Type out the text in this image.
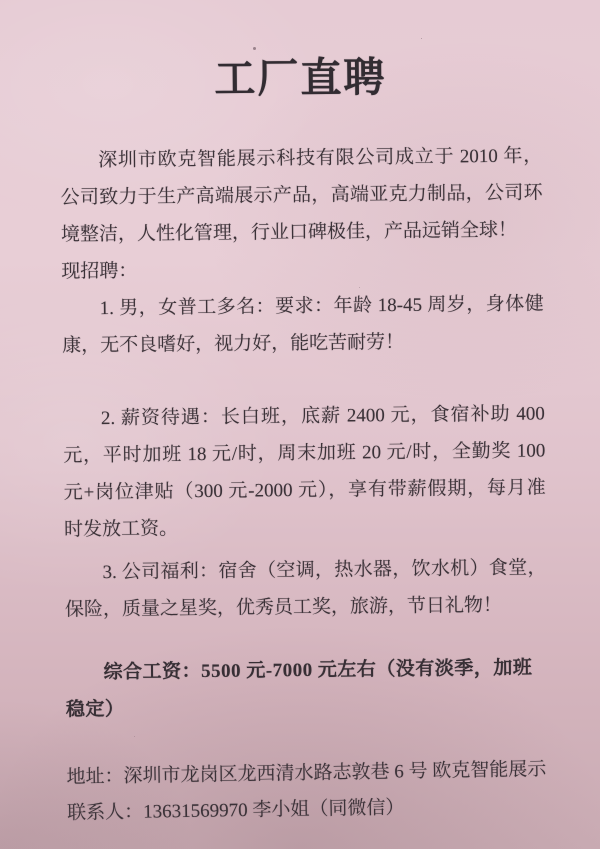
工厂直聘

深圳市欧克智能展示科技有限公司成立于 2010 年，公司致力于生产高端展示产品，高端亚克力制品，公司环境整洁，人性化管理，行业口碑极佳，产品远销全球！

现招聘：

1. 男，女普工多名：要求：年龄 18-45 周岁，身体健康，无不良嗜好，视力好，能吃苦耐劳！

2. 薪资待遇：长白班，底薪 2400 元，食宿补助 400 元，平时加班 18 元/时，周末加班 20 元/时，全勤奖 100 元+岗位津贴（300 元-2000 元），享有带薪假期，每月准时发放工资。

3. 公司福利：宿舍（空调，热水器，饮水机）食堂，保险，质量之星奖，优秀员工奖，旅游，节日礼物！

综合工资：5500 元-7000 元左右（没有淡季，加班稳定）

地址：深圳市龙岗区龙西清水路志敦巷 6 号 欧克智能展示

联系人：13631569970 李小姐（同微信）
